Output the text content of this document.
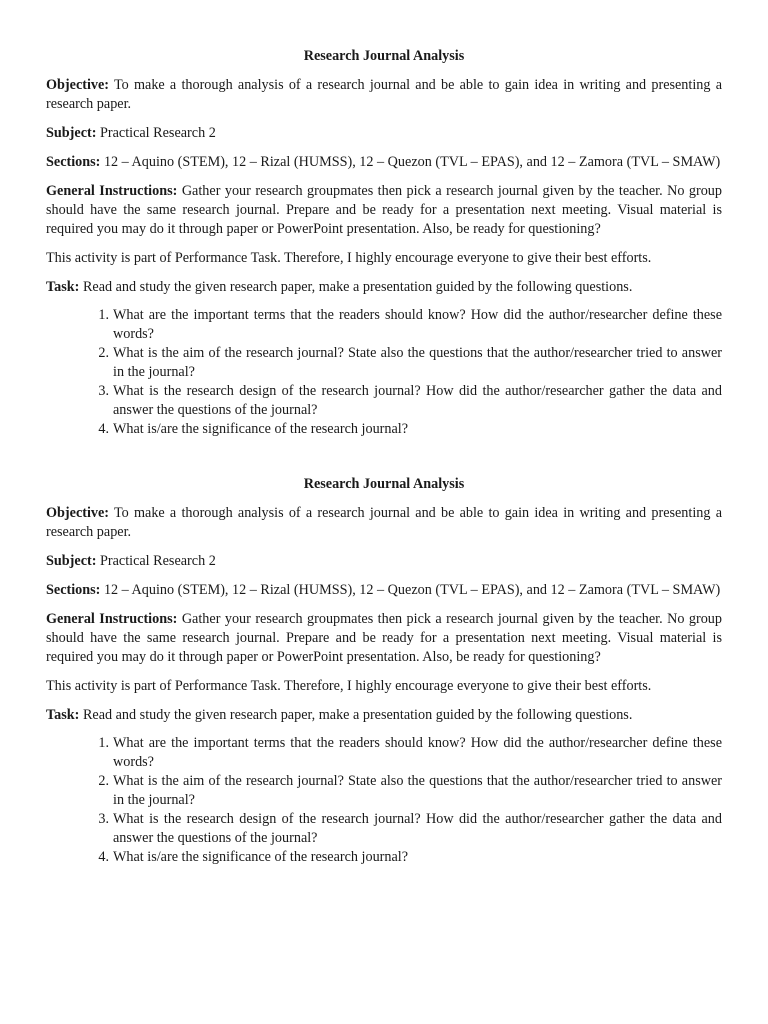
Research Journal Analysis

Objective: To make a thorough analysis of a research journal and be able to gain idea in writing and presenting a research paper.

Subject: Practical Research 2

Sections: 12 – Aquino (STEM), 12 – Rizal (HUMSS), 12 – Quezon (TVL – EPAS), and 12 – Zamora (TVL – SMAW)

General Instructions: Gather your research groupmates then pick a research journal given by the teacher. No group should have the same research journal. Prepare and be ready for a presentation next meeting. Visual material is required you may do it through paper or PowerPoint presentation. Also, be ready for questioning?

This activity is part of Performance Task. Therefore, I highly encourage everyone to give their best efforts.

Task: Read and study the given research paper, make a presentation guided by the following questions.

1. What are the important terms that the readers should know? How did the author/researcher define these words?
2. What is the aim of the research journal? State also the questions that the author/researcher tried to answer in the journal?
3. What is the research design of the research journal? How did the author/researcher gather the data and answer the questions of the journal?
4. What is/are the significance of the research journal?

Research Journal Analysis

Objective: To make a thorough analysis of a research journal and be able to gain idea in writing and presenting a research paper.

Subject: Practical Research 2

Sections: 12 – Aquino (STEM), 12 – Rizal (HUMSS), 12 – Quezon (TVL – EPAS), and 12 – Zamora (TVL – SMAW)

General Instructions: Gather your research groupmates then pick a research journal given by the teacher. No group should have the same research journal. Prepare and be ready for a presentation next meeting. Visual material is required you may do it through paper or PowerPoint presentation. Also, be ready for questioning?

This activity is part of Performance Task. Therefore, I highly encourage everyone to give their best efforts.

Task: Read and study the given research paper, make a presentation guided by the following questions.

1. What are the important terms that the readers should know? How did the author/researcher define these words?
2. What is the aim of the research journal? State also the questions that the author/researcher tried to answer in the journal?
3. What is the research design of the research journal? How did the author/researcher gather the data and answer the questions of the journal?
4. What is/are the significance of the research journal?
